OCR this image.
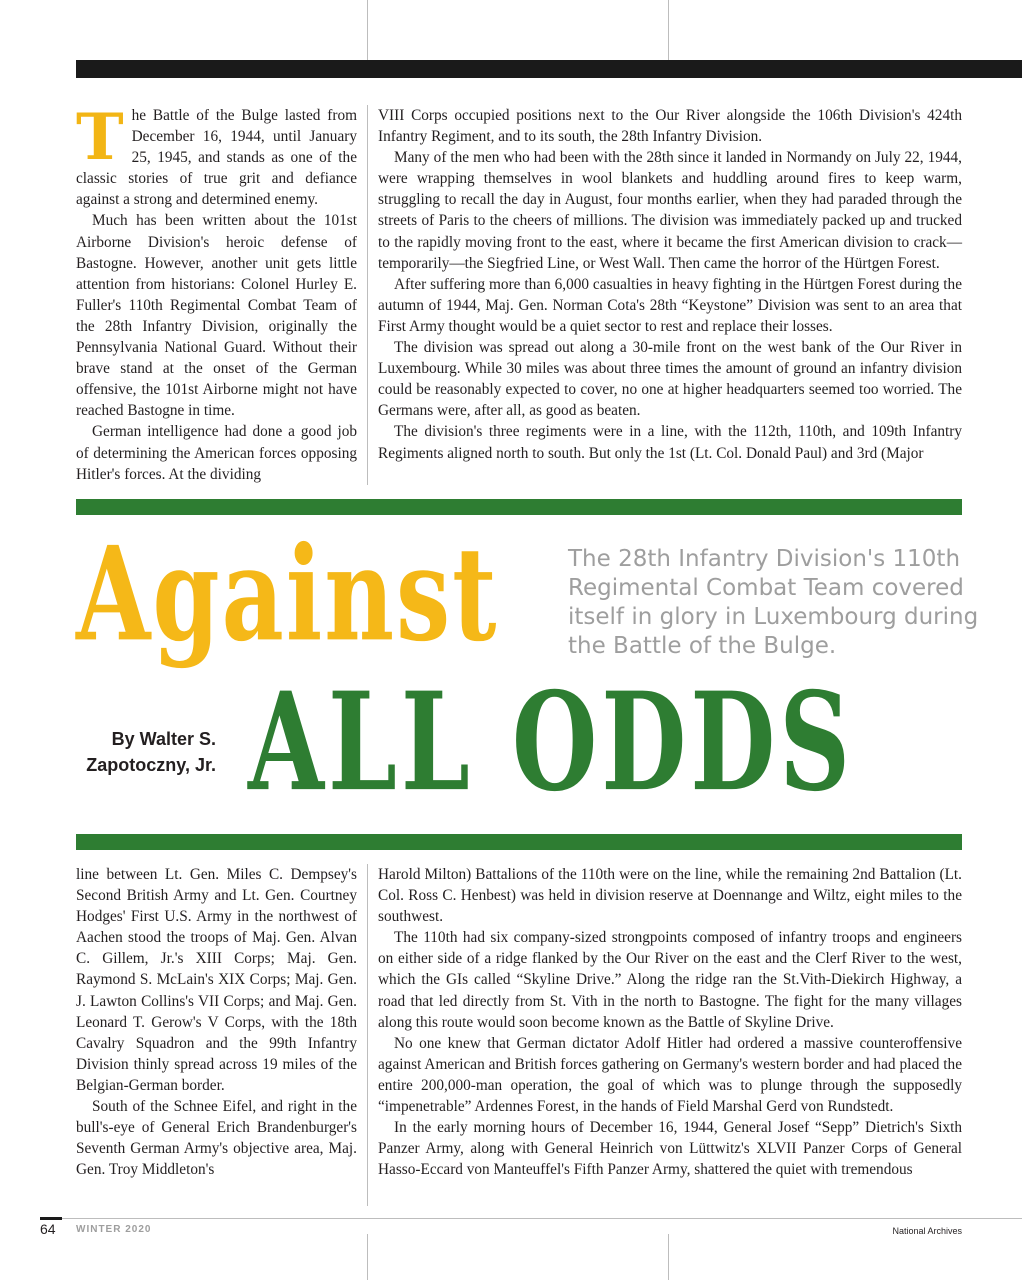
The Battle of the Bulge lasted from December 16, 1944, until January 25, 1945, and stands as one of the classic stories of true grit and defiance against a strong and determined enemy.

Much has been written about the 101st Airborne Division's heroic defense of Bastogne. However, another unit gets little attention from historians: Colonel Hurley E. Fuller's 110th Regimental Combat Team of the 28th Infantry Division, originally the Pennsylvania National Guard. Without their brave stand at the onset of the German offensive, the 101st Airborne might not have reached Bastogne in time.

German intelligence had done a good job of determining the American forces opposing Hitler's forces. At the dividing

VIII Corps occupied positions next to the Our River alongside the 106th Division's 424th Infantry Regiment, and to its south, the 28th Infantry Division.

Many of the men who had been with the 28th since it landed in Normandy on July 22, 1944, were wrapping themselves in wool blankets and huddling around fires to keep warm, struggling to recall the day in August, four months earlier, when they had paraded through the streets of Paris to the cheers of millions. The division was immediately packed up and trucked to the rapidly moving front to the east, where it became the first American division to crack—temporarily—the Siegfried Line, or West Wall. Then came the horror of the Hürtgen Forest.

After suffering more than 6,000 casualties in heavy fighting in the Hürtgen Forest during the autumn of 1944, Maj. Gen. Norman Cota's 28th “Keystone” Division was sent to an area that First Army thought would be a quiet sector to rest and replace their losses.

The division was spread out along a 30-mile front on the west bank of the Our River in Luxembourg. While 30 miles was about three times the amount of ground an infantry division could be reasonably expected to cover, no one at higher headquarters seemed too worried. The Germans were, after all, as good as beaten.

The division's three regiments were in a line, with the 112th, 110th, and 109th Infantry Regiments aligned north to south. But only the 1st (Lt. Col. Donald Paul) and 3rd (Major

Against	The 28th Infantry Division's 110th Regimental Combat Team covered itself in glory in Luxembourg during the Battle of the Bulge.
By Walter S.
Zapotoczny, Jr. ALL ODDS

line between Lt. Gen. Miles C. Dempsey's Second British Army and Lt. Gen. Courtney Hodges' First U.S. Army in the northwest of Aachen stood the troops of Maj. Gen. Alvan C. Gillem, Jr.'s XIII Corps; Maj. Gen. Raymond S. McLain's XIX Corps; Maj. Gen. J. Lawton Collins's VII Corps; and Maj. Gen. Leonard T. Gerow's V Corps, with the 18th Cavalry Squadron and the 99th Infantry Division thinly spread across 19 miles of the Belgian-German border.

South of the Schnee Eifel, and right in the bull's-eye of General Erich Brandenburger's Seventh German Army's objective area, Maj. Gen. Troy Middleton's

Harold Milton) Battalions of the 110th were on the line, while the remaining 2nd Battalion (Lt. Col. Ross C. Henbest) was held in division reserve at Doennange and Wiltz, eight miles to the southwest.

The 110th had six company-sized strongpoints composed of infantry troops and engineers on either side of a ridge flanked by the Our River on the east and the Clerf River to the west, which the GIs called “Skyline Drive.” Along the ridge ran the St.Vith-Diekirch Highway, a road that led directly from St. Vith in the north to Bastogne. The fight for the many villages along this route would soon become known as the Battle of Skyline Drive.

No one knew that German dictator Adolf Hitler had ordered a massive counteroffensive against American and British forces gathering on Germany's western border and had placed the entire 200,000-man operation, the goal of which was to plunge through the supposedly “impenetrable” Ardennes Forest, in the hands of Field Marshal Gerd von Rundstedt.

In the early morning hours of December 16, 1944, General Josef “Sepp” Dietrich's Sixth Panzer Army, along with General Heinrich von Lüttwitz's XLVII Panzer Corps of General Hasso-Eccard von Manteuffel's Fifth Panzer Army, shattered the quiet with tremendous

64 WINTER 2020	National Archives
